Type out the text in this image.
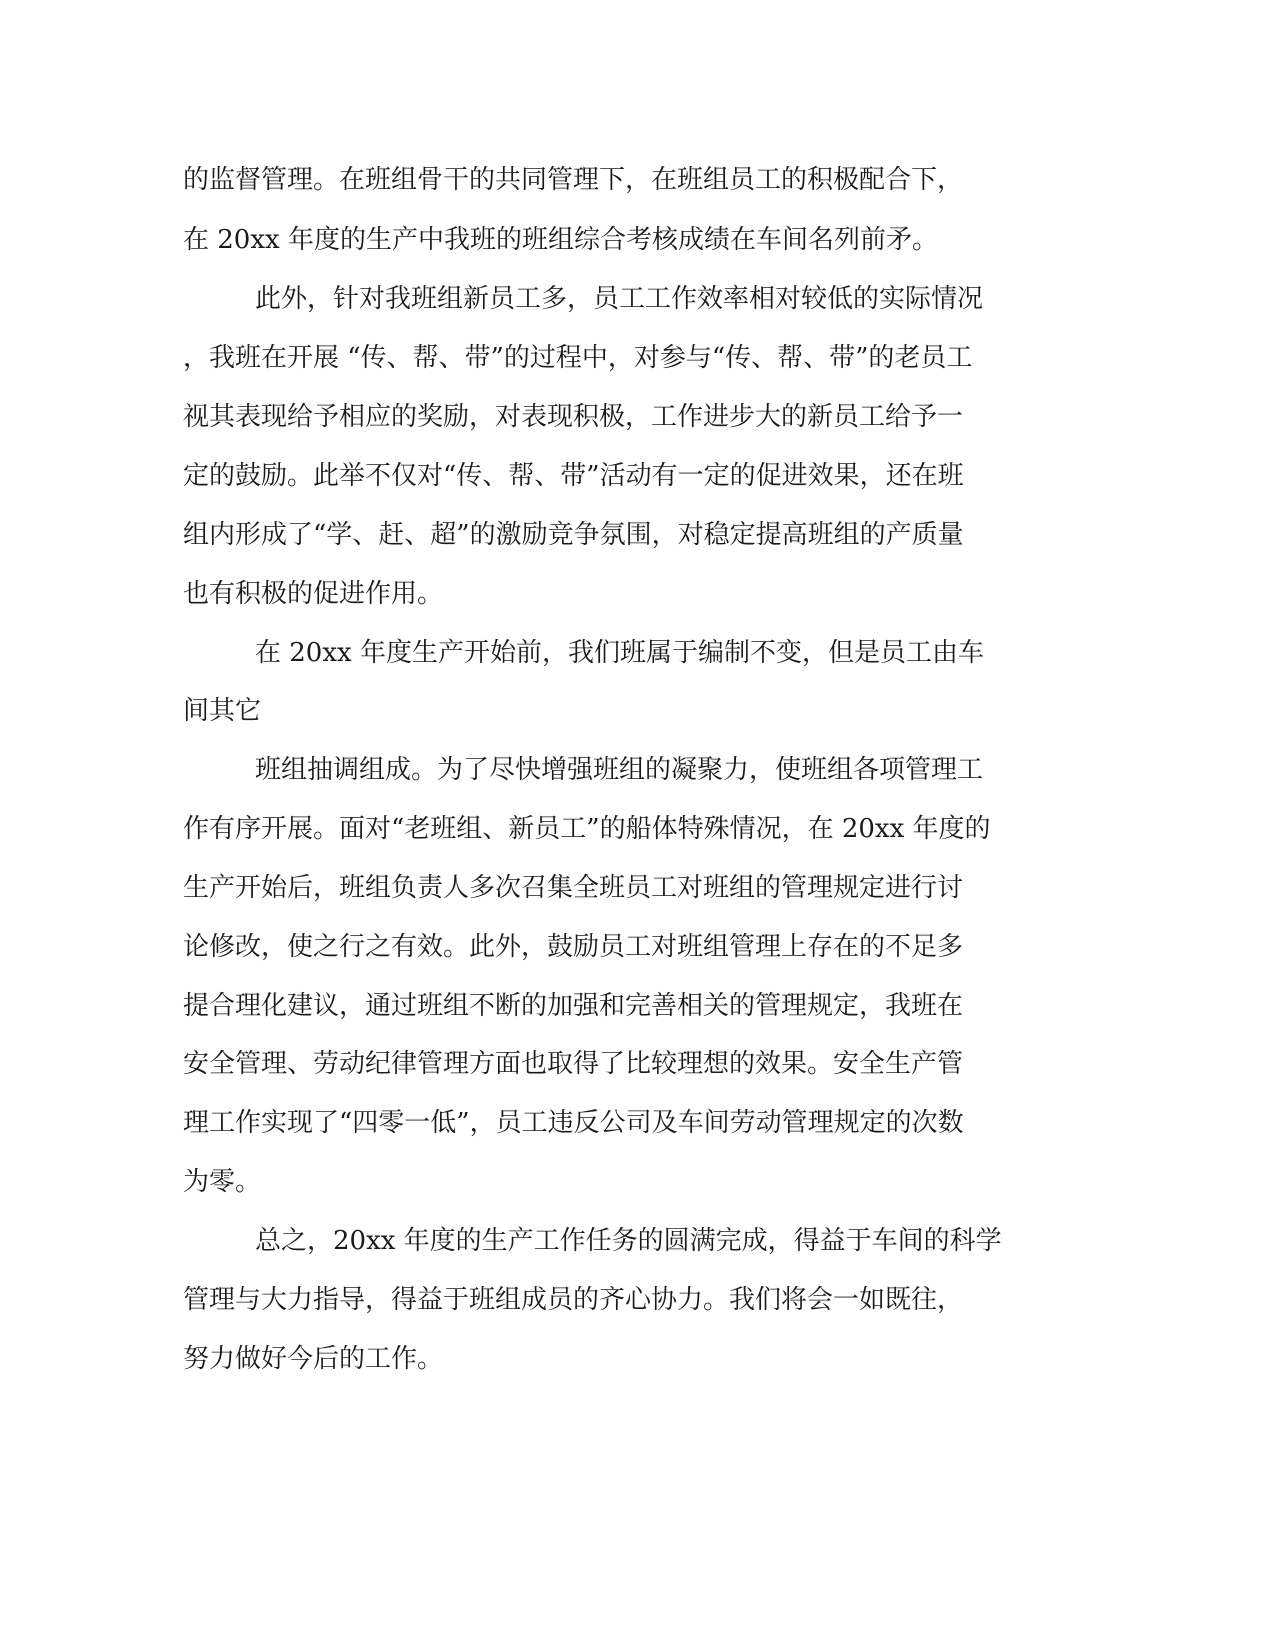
的监督管理。在班组骨干的共同管理下，在班组员工的积极配合下，
在 20xx 年度的生产中我班的班组综合考核成绩在车间名列前矛。
此外，针对我班组新员工多，员工工作效率相对较低的实际情况
，我班在开展 “传、帮、带”的过程中，对参与“传、帮、带”的老员工
视其表现给予相应的奖励，对表现积极，工作进步大的新员工给予一
定的鼓励。此举不仅对“传、帮、带”活动有一定的促进效果，还在班
组内形成了“学、赶、超”的激励竞争氛围，对稳定提高班组的产质量
也有积极的促进作用。
在 20xx 年度生产开始前，我们班属于编制不变，但是员工由车
间其它
班组抽调组成。为了尽快增强班组的凝聚力，使班组各项管理工
作有序开展。面对“老班组、新员工”的船体特殊情况，在 20xx 年度的
生产开始后，班组负责人多次召集全班员工对班组的管理规定进行讨
论修改，使之行之有效。此外，鼓励员工对班组管理上存在的不足多
提合理化建议，通过班组不断的加强和完善相关的管理规定，我班在
安全管理、劳动纪律管理方面也取得了比较理想的效果。安全生产管
理工作实现了“四零一低”，员工违反公司及车间劳动管理规定的次数
为零。
总之，20xx 年度的生产工作任务的圆满完成，得益于车间的科学
管理与大力指导，得益于班组成员的齐心协力。我们将会一如既往，
努力做好今后的工作。
